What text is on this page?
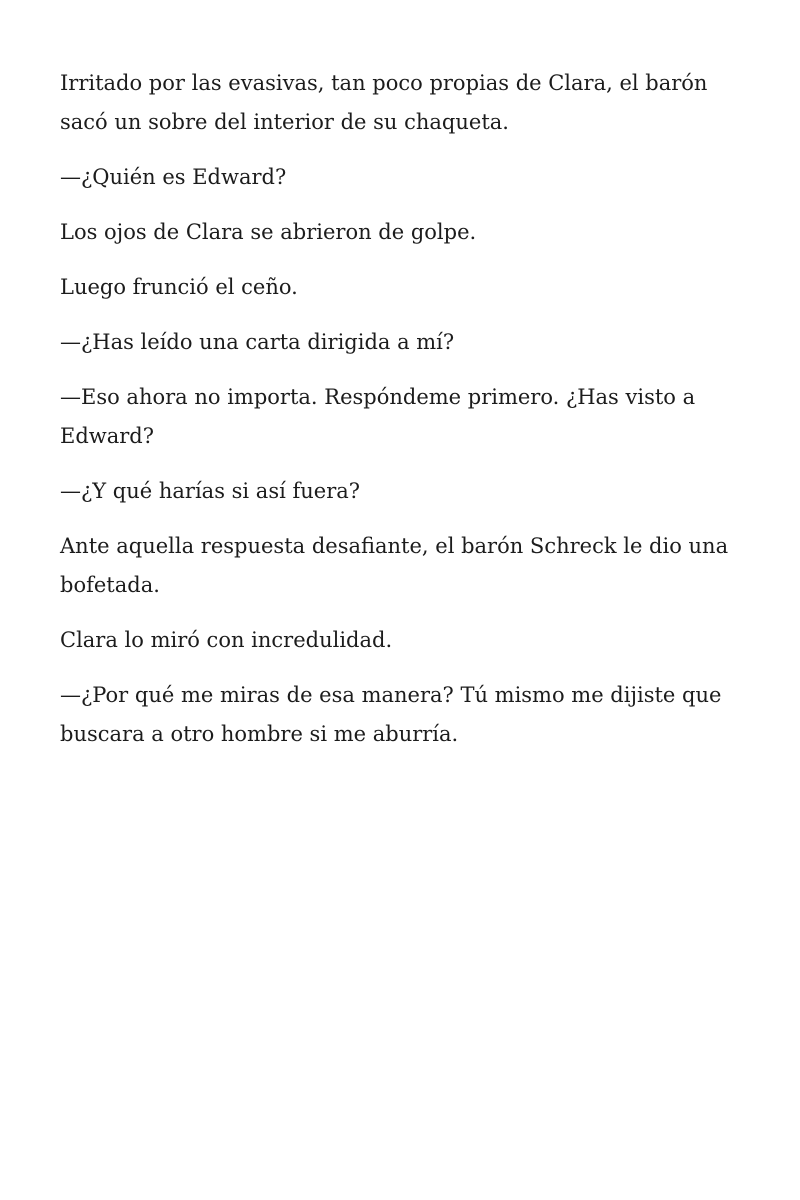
Irritado por las evasivas, tan poco propias de Clara, el barón sacó un sobre del interior de su chaqueta.

—¿Quién es Edward?

Los ojos de Clara se abrieron de golpe.

Luego frunció el ceño.

—¿Has leído una carta dirigida a mí?

—Eso ahora no importa. Respóndeme primero. ¿Has visto a Edward?

—¿Y qué harías si así fuera?

Ante aquella respuesta desafiante, el barón Schreck le dio una bofetada.

Clara lo miró con incredulidad.

—¿Por qué me miras de esa manera? Tú mismo me dijiste que buscara a otro hombre si me aburría.
